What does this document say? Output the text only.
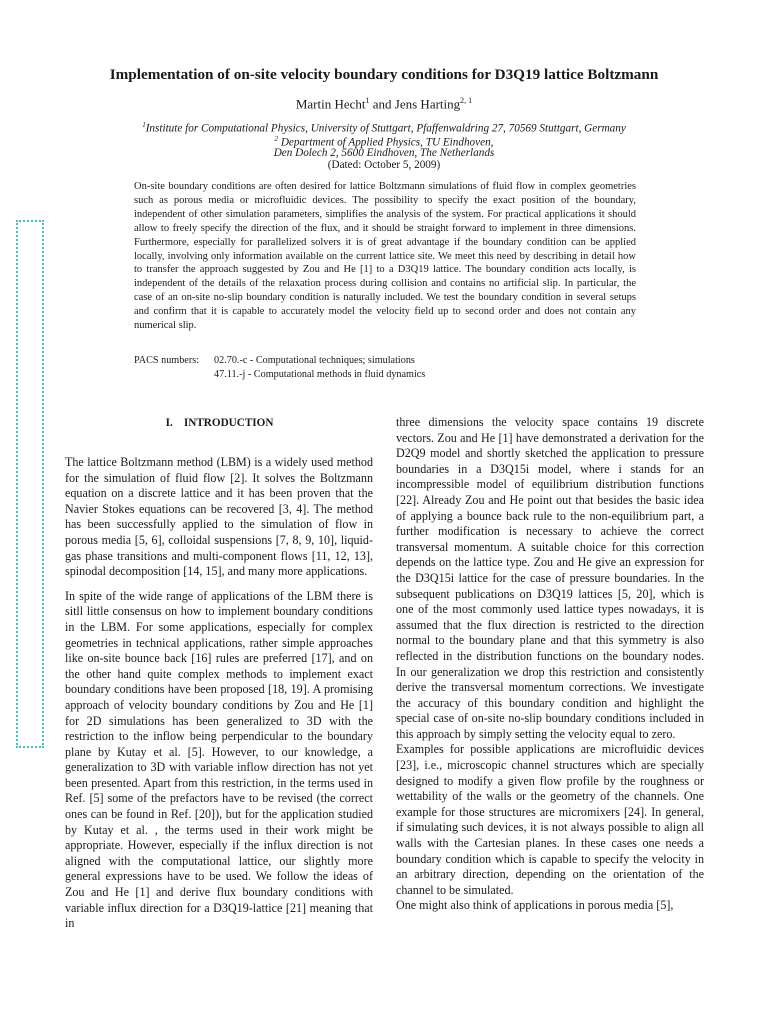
Implementation of on-site velocity boundary conditions for D3Q19 lattice Boltzmann
Martin Hecht$^1$ and Jens Harting$^{2, 1}$
$^1$Institute for Computational Physics, University of Stuttgart, Pfaffenwaldring 27, 70569 Stuttgart, Germany
$^2$ Department of Applied Physics, TU Eindhoven,
Den Dolech 2, 5600 Eindhoven, The Netherlands
(Dated: October 5, 2009)

On-site boundary conditions are often desired for lattice Boltzmann simulations of fluid flow in complex geometries such as porous media or microfluidic devices. The possibility to specify the exact position of the boundary, independent of other simulation parameters, simplifies the analysis of the system. For practical applications it should allow to freely specify the direction of the flux, and it should be straight forward to implement in three dimensions. Furthermore, especially for parallelized solvers it is of great advantage if the boundary condition can be applied locally, involving only information available on the current lattice site. We meet this need by describing in detail how to transfer the approach suggested by Zou and He [1] to a D3Q19 lattice. The boundary condition acts locally, is independent of the details of the relaxation process during collision and contains no artificial slip. In particular, the case of an on-site no-slip boundary condition is naturally included. We test the boundary condition in several setups and confirm that it is capable to accurately model the velocity field up to second order and does not contain any numerical slip.

PACS numbers: 02.70.-c - Computational techniques; simulations
47.11.-j - Computational methods in fluid dynamics
I. INTRODUCTION

The lattice Boltzmann method (LBM) is a widely used method for the simulation of fluid flow [2]. It solves the Boltzmann equation on a discrete lattice and it has been proven that the Navier Stokes equations can be recovered [3, 4]. The method has been successfully applied to the simulation of flow in porous media [5, 6], colloidal suspensions [7, 8, 9, 10], liquid-gas phase transitions and multi-component flows [11, 12, 13], spinodal decomposition [14, 15], and many more applications.

In spite of the wide range of applications of the LBM there is sitll little consensus on how to implement boundary conditions in the LBM. For some applications, especially for complex geometries in technical applications, rather simple approaches like on-site bounce back [16] rules are preferred [17], and on the other hand quite complex methods to implement exact boundary conditions have been proposed [18, 19]. A promising approach of velocity boundary conditions by Zou and He [1] for 2D simulations has been generalized to 3D with the restriction to the inflow being perpendicular to the boundary plane by Kutay et al. [5]. However, to our knowledge, a generalization to 3D with variable inflow direction has not yet been presented. Apart from this restriction, in the terms used in Ref. [5] some of the prefactors have to be revised (the correct ones can be found in Ref. [20]), but for the application studied by Kutay et al. , the terms used in their work might be appropriate. However, especially if the influx direction is not aligned with the computational lattice, our slightly more general expressions have to be used. We follow the ideas of Zou and He [1] and derive flux boundary conditions with variable influx direction for a D3Q19-lattice [21] meaning that in

three dimensions the velocity space contains 19 discrete vectors. Zou and He [1] have demonstrated a derivation for the D2Q9 model and shortly sketched the application to pressure boundaries in a D3Q15i model, where i stands for an incompressible model of equilibrium distribution functions [22]. Already Zou and He point out that besides the basic idea of applying a bounce back rule to the non-equilibrium part, a further modification is necessary to achieve the correct transversal momentum. A suitable choice for this correction depends on the lattice type. Zou and He give an expression for the D3Q15i lattice for the case of pressure boundaries. In the subsequent publications on D3Q19 lattices [5, 20], which is one of the most commonly used lattice types nowadays, it is assumed that the flux direction is restricted to the direction normal to the boundary plane and that this symmetry is also reflected in the distribution functions on the boundary nodes. In our generalization we drop this restriction and consistently derive the transversal momentum corrections. We investigate the accuracy of this boundary condition and highlight the special case of on-site no-slip boundary conditions included in this approach by simply setting the velocity equal to zero.

Examples for possible applications are microfluidic devices [23], i.e., microscopic channel structures which are specially designed to modify a given flow profile by the roughness or wettability of the walls or the geometry of the channels. One example for those structures are micromixers [24]. In general, if simulating such devices, it is not always possible to align all walls with the Cartesian planes. In these cases one needs a boundary condition which is capable to specify the velocity in an arbitrary direction, depending on the orientation of the channel to be simulated.

One might also think of applications in porous media [5],
